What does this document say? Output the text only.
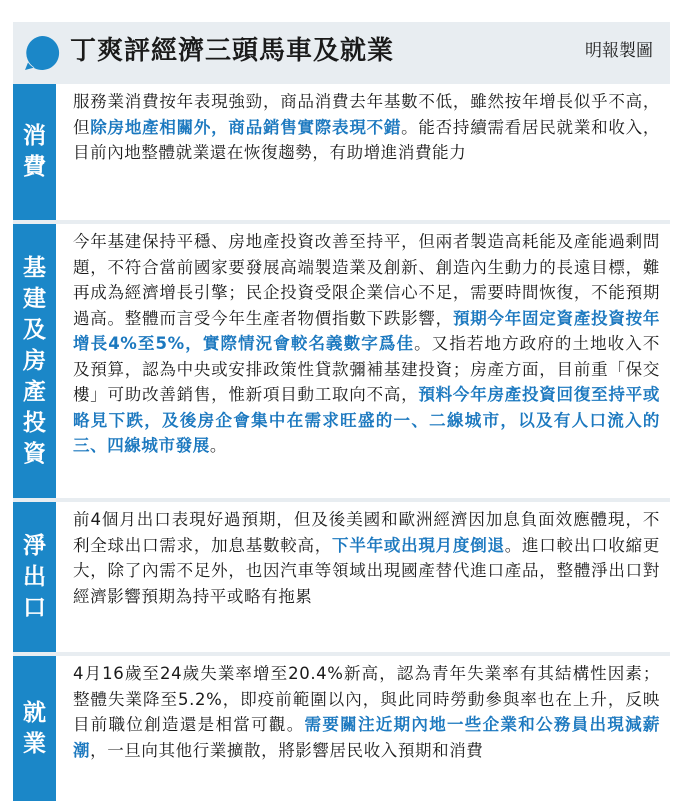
丁爽評經濟三頭馬車及就業	明報製圖
消費

服務業消費按年表現強勁，商品消費去年基數不低，雖然按年增長似乎不高，但除房地產相關外，商品銷售實際表現不錯。能否持續需看居民就業和收入，目前內地整體就業還在恢復趨勢，有助增進消費能力

基建及房產投資

今年基建保持平穩、房地產投資改善至持平，但兩者製造高耗能及產能過剩問題，不符合當前國家要發展高端製造業及創新、創造內生動力的長遠目標，難再成為經濟增長引擎；民企投資受限企業信心不足，需要時間恢復，不能預期過高。整體而言受今年生產者物價指數下跌影響，預期今年固定資產投資按年增長4%至5%，實際情況會較名義數字爲佳。又指若地方政府的土地收入不及預算，認為中央或安排政策性貸款彌補基建投資；房產方面，目前重「保交樓」可助改善銷售，惟新項目動工取向不高，預料今年房產投資回復至持平或略見下跌，及後房企會集中在需求旺盛的一、二線城市，以及有人口流入的三、四線城市發展。

淨出口

前4個月出口表現好過預期，但及後美國和歐洲經濟因加息負面效應體現，不利全球出口需求，加息基數較高，下半年或出現月度倒退。進口較出口收縮更大，除了內需不足外，也因汽車等領域出現國產替代進口產品，整體淨出口對經濟影響預期為持平或略有拖累

就業

4月16歲至24歲失業率增至20.4%新高，認為青年失業率有其結構性因素；整體失業降至5.2%，即疫前範圍以內，與此同時勞動參與率也在上升，反映目前職位創造還是相當可觀。需要關注近期內地一些企業和公務員出現減薪潮，一旦向其他行業擴散，將影響居民收入預期和消費
